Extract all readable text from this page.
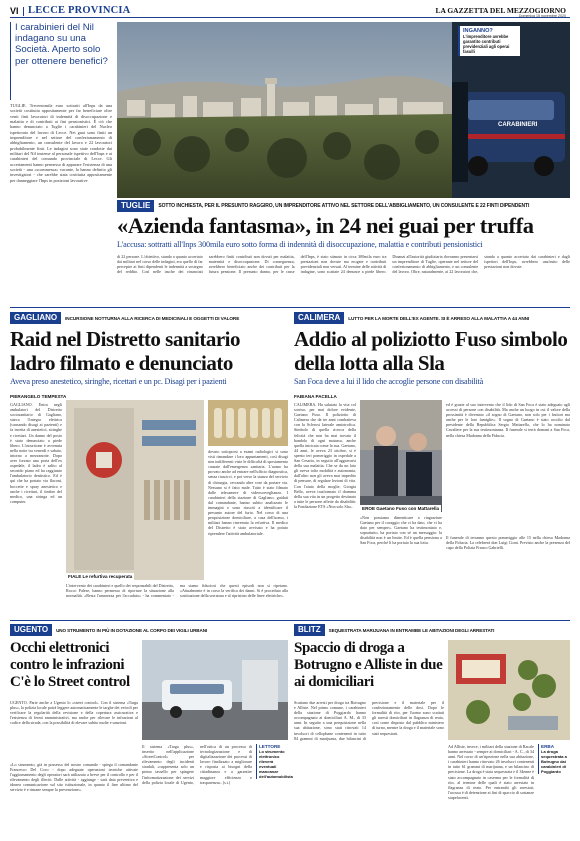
VI LECCE PROVINCIA	LA GAZZETTA DEL MEZZOGIORNO
Domenica 15 novembre 2020
I carabinieri del Nil indagano su una Società. Aperto solo per ottenere benefici?
TUGLIE. Trecentomila euro sottratti all'Inps da una società costituita appositamente per far beneficiare oltre venti finti lavoratori di indennità di disoccupazione e malattia e di contributi ai fini pensionistici. È ciò che hanno denunciato a Tuglie i carabinieri del Nucleo ispettorato del lavoro di Lecce. Nei guai sono finiti un imprenditore e nel settore del confezionamento di abbigliamento, un consulente del lavoro e 22 lavoratori probabilmente finti. Le indagini sono state condotte dai militari del Nil insieme al personale ispettivo dell'Inps e ai carabinieri del comando provinciale di Lecce. Gli accertamenti hanno permesso di appurare l'esistenza di una società - una «scommessa» vacante, la hanno definito gli investigatori - che sarebbe stata costituita appositamente per danneggiare l'Inps in posizioni lavorative
CARABINIERI
INGANNO?
L'imprenditore avrebbe garantito contributi previdenziali agli operai fasulli
TUGLIE	SOTTO INCHIESTA, PER IL PRESUNTO RAGGIRO, UN IMPRENDITORE ATTIVO NEL SETTORE DELL'ABBIGLIAMENTO, UN CONSULENTE E 22 FINTI DIPENDENTI
«Azienda fantasma», in 24 nei guai per truffa
L'accusa: sottratti all'Inps 300mila euro sotto forma di indennità di disoccupazione, malattia e contributi pensionistici
di 22 persone. L'obiettivo, stando a quanto accertato dai militari nel corso delle indagini, era quello di far percepire ai finti dipendenti le indennità a sostegno del reddito. Così nelle tasche dei rinunciati sarebbero finiti contributi non dovuti per malattia, maternità e disoccupazione. Di conseguenza, avrebbero beneficiato anche dei contributi per la futura pensione. Il presunto danno, per le casse dell'Inps, è stato stimato in circa 300mila euro tra prestazioni non dovute ma erogate e contributi previdenziali non versati. Al termine delle attività di indagine, sono scattate 24 denunce a piede libero. Dinanzi all'autorità giudiziaria dovranno presentarsi un imprenditore di Tuglie, operante nel settore del confezionamento di abbigliamento, e un consulente del lavoro. Oltre, naturalmente, ai 22 lavoratori che, stando a quanto accertato dai carabinieri e dagli ispettori dell'Inps, avrebbero usufruito delle prestazioni non dovute.
GAGLIANO	INCURSIONE NOTTURNA ALLA RICERCA DI MEDICINALI E OGGETTI DI VALORE
Raid nel Distretto sanitario ladro filmato e denunciato
Aveva preso anestetico, siringhe, ricettari e un pc. Disagi per i pazienti
PIERANGELO TEMPESTA
GAGLIANO. Entra negli ambulatori del Distretto sociosanitario di Gagliano, starca l'integra elettrica (causando disagi ai pazienti) e fa incetta di anestetici, siringhe e ricettari. Un danno del posto è stato denunciato a piede libero. L'incursione è avvenuta nella notte tra venerdì e sabato, intorno a mezzanotte. Dopo aver forzato una porta dell'ex ospedale, il ladro è salito al secondo piano ed ha raggiunto l'ambulatorio dentistico. Ed è qui che ha portato via flaconi, boccette e spray anestetico e anche i ricettari, il timbro del medico, una siringa ed un computer.
FIALE Le refurtiva recuperata
dovuto sottoporsi a esami radiologici si sono visti rimandare i loro appuntamenti, così disagi non indifferenti viste le difficoltà di spostamento causate dall'emergenza sanitaria. L'uomo ha provato anche ad entrare nell'ufficio diagnostica, senza riuscirci, e poi verso la stanza del servizio di chirurgia, cercando altre cose da portare via. Nessuno si è fatto male. Tutto è stato filmato dalle telecamere di videosorveglianza. I carabinieri della stazione di Gagliano, guidati dal comandante, hanno subito analizzato le immagini e sono riusciti a identificare il presunto autore del furto. Nel corso di una perquisizione domiciliare, a casa dell'uomo, i militari hanno rinvenuto la refurtiva. Il medico del Distretto è stato avvisato e ha potuto riprendere l'attività ambulatoriale.
L'intervento dei carabinieri e quello dei responsabili del Distretto, Rocco Palese, hanno permesso di riportare la situazione alla normalità. «Resta l'amarezza per l'accaduto» - ha commentato - ma siamo fiduciosi che questi episodi non si ripetano. «Attualmente è in corso la verifica dei danni. Si è proceduto alla sostituzione della serratura e al ripristino delle linee elettriche».
CALIMERA	LUTTO PER LA MORTE DELL'EX AGENTE. SI È ARRESO ALLA MALATTIA A 44 ANNI
Addio al poliziotto Fuso simbolo della lotta alla Sla
San Foca deve a lui il lido che accoglie persone con disabilità
FABIANA PACELLA
CALIMERA. Ha salutato la vita col sorriso, per mai dolore evidente, Gaetano Fuso. Il poliziotto di Calimera che da tre anni combatteva con la Sclerosi laterale amiotrofica. Simbolo di quella ricerca della felicità che non ha mai trovato il bandolo di ogni matassa, anche quella intricata come la sua. Gaetano, 44 anni, le aveva 23 ottobre, si è spento ieri pomeriggio in ospedale a San Cesario, in seguito all'aggravarsi della sua malattia. Che se da un lato gli aveva tolto mobilità e autonomia, dall'altro non gli aveva mai impedito di pensare, di regalare lezioni di vita. Con l'aiuto della moglie, Giorgia Bello, aveva trasformato il dramma della sua vita in un progetto destinato a tutte le persone affette da disabilità: la Fondazione ETS «Non solo Sla».	EROE Gaetano Fuso con Mattarella
«Non possiamo dimenticare a ringraziare Gaetano per il coraggio che ci ha dato, che ci ha dato per sempre». Gaetano ha testimoniato e, soprattutto, ha portato con sé un messaggio: la disabilità non è un limite. Ed è quella pensiona a San Foca, perché lì ha portato la sua lotta.
ed è grazie al suo intervento che il lido di San Foca è stato adeguato agli accessi di persone con disabilità. Ma anche un luogo in cui il valore della prossimità è diventato «il sogno di Gaetano, non solo per i fruitori ma anche per le loro famiglie». Il sogno di Gaetano è stato accolto dal presidente della Repubblica Sergio Mattarella, che lo ha nominato Cavaliere per la sua testimonianza. Il funerale si terrà domani a San Foca, nella chiesa Madonna della Fiducia.
Il funerale di terranno questo pomeriggio alle 15 nella chiesa Madonna della Fiducia. La celebrerà don Luigi Cioni. Previsto anche la presenza del capo della Polizia Franco Gabrielli.
UGENTO	UNO STRUMENTO IN PIÙ IN DOTAZIONE AL CORPO DEI VIGILI URBANI
Occhi elettronici contro le infrazioni C'è lo Street control
UGENTO. Parte anche a Ugento lo «street control». Con il sistema «Targa plus», la polizia locale potrà leggere automaticamente le targhe dei veicoli per verificare la regolarità della revisione e della copertura assicurativa e l'esistenza di fermi amministrativi, ma anche per rilevare le infrazioni al codice della strada, con la possibilità di elevare subito multe e sanzioni.
«Lo strumento, già in possesso del nostro comando - spiega il comandante Francesco Del Coco - dopo adeguate operazioni tecniche attivate l'aggiornamento degli operatori sarà utilizzato a breve per il controllo e per il rilevamento degli illeciti. Dalle attività - aggiunge - sarà data preventiva e idonea comunicazione sul sito istituzionale, in quanto il fine ultimo del servizio è e rimane sempre la prevenzione».
Il sistema «Targa plus», inserito nell'applicazione «StreetControl» per rilevamento degli incidenti stradali, «rappresenta solo un primo tassello per spingere l'informatizzazione dei servizi della polizia locale di Ugento, nell'ottica di un processo di tecnologizzazione e di digitalizzazione dei processi di lavoro finalizzato a migliorare e risposta ai bisogni della cittadinanza e a garantire maggiore efficienza e trasparenza». (s.t.)
LETTORE
Lo strumento elettronico rileverà eventuali mancanze dell'automobilista
BLITZ	SEQUESTRATA MARIJUANA IN ENTRAMBE LE ABITAZIONI DEGLI ARRESTATI
Spaccio di droga a Botrugno e Alliste in due ai domiciliari
Scattano due arresti per droga tra Botrugno e Alliste. Nel primo comune, i carabinieri della stazione di Poggiardo hanno accompagnato ai domiciliari A. M., di 33 anni. In seguito a una perquisizione nella sua abitazione, sono stati ritrovati 14 involucri di cellophane contenenti in tutto 84 grammi di marijuana, due bilancini di precisione e il materiale per il confezionamento delle dosi. Dopo le formalità di rito, per l'uomo sono scattati gli arresti domiciliari in flagranza di reato, così come disposto dal pubblico ministero di turno, mentre la droga e il materiale sono stati sequestrati.
Ad Alliste, invece, i militari della stazione di Racale hanno arrestato - sempre ai domiciliari - A. C., di 34 anni. Nel corso di un'ispezione nella sua abitazione, i carabinieri hanno ritrovato 26 involucri contenenti in tutto 61 grammi di marijuana, e un bilancino di precisione. La droga è stata sequestrata e il 34enne è stato accompagnato in caserma per le formalità di rito, al termine delle quali è stato arrestato in flagranza di reato. Per entrambi gli arrestati, l'accusa è di detenzione ai fini di spaccio di sostanze stupefacenti.
ERBA
La droga sequestrata a Botrugno dai carabinieri di Poggiardo
